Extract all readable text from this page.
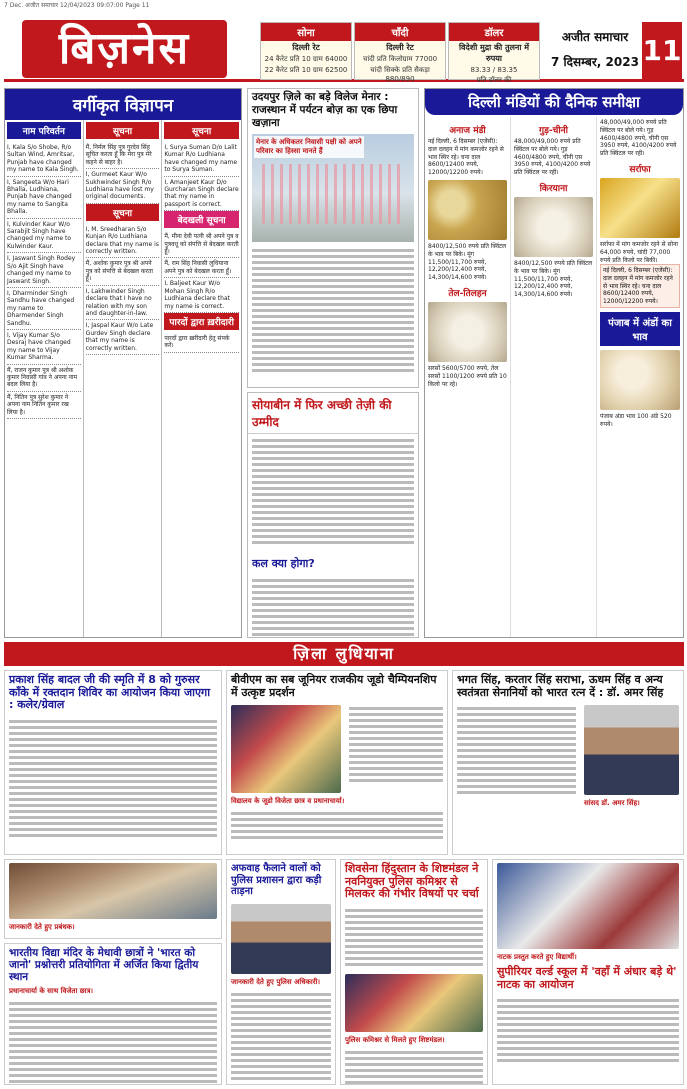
7 Dec. अजीत समाचार 12/04/2023 09:07:00 Page 11
बिज़नेस	सोना
दिल्ली रेट
24 कैरेट प्रति 10 ग्राम 64000
22 कैरेट प्रति 10 ग्राम 62500
चाँदी
दिल्ली रेट
चांदी प्रति किलोग्राम 77000
चांदी सिक्के प्रति सैकड़ा 880/890
डॉलर
विदेशी मुद्रा की तुलना में रुपया
83.33 / 83.35
प्रति डॉलर की
अजीत समाचार
7 दिसम्बर, 2023 11
वर्गीकृत विज्ञापन
नाम परिवर्तन
I, Kala S/o Shobe, R/o Sultan Wind, Amritsar, Punjab have changed my name to Kala Singh.
I, Sangeeta W/o Hari Bhalla, Ludhiana, Punjab have changed my name to Sangita Bhalla.
I, Kulvinder Kaur W/o Sarabjit Singh have changed my name to Kulwinder Kaur.
I, Jaswant Singh Rodey S/o Ajit Singh have changed my name to Jaswant Singh.
I, Dharminder Singh Sandhu have changed my name to Dharmender Singh Sandhu.
I, Vijay Kumar S/o Desraj have changed my name to Vijay Kumar Sharma.
मैं, राजन कुमार पुत्र श्री अशोक कुमार निवासी गांव ने अपना नाम बदल लिया है।
मैं, नितिन पुत्र सुरेश कुमार ने अपना नाम नितिन कुमार रख लिया है।
सूचना
मैं, निर्मल सिंह पुत्र गुरदेव सिंह सूचित करता हूँ कि मेरा पुत्र मेरे कहने से बाहर है।
I, Gurmeet Kaur W/o Sukhwinder Singh R/o Ludhiana have lost my original documents.
सूचना
I, M. Sreedharan S/o Kunjan R/o Ludhiana declare that my name is correctly written.
मैं, अशोक कुमार पुत्र श्री अपने पुत्र को संपत्ति से बेदखल करता हूँ।
I, Lakhwinder Singh declare that I have no relation with my son and daughter-in-law.
I, Jaspal Kaur W/o Late Gurdev Singh declare that my name is correctly written.
सूचना
I, Surya Suman D/o Lalit Kumar R/o Ludhiana have changed my name to Surya Suman.
I, Amanjeet Kaur D/o Gurcharan Singh declare that my name in passport is correct.
बेदखली सूचना
मैं, मीना देवी पत्नी श्री अपने पुत्र व पुत्रवधू को संपत्ति से बेदखल करती हूँ।
मैं, राम सिंह निवासी लुधियाना अपने पुत्र को बेदखल करता हूँ।
I, Baljeet Kaur W/o Mohan Singh R/o Ludhiana declare that my name is correct.
पारदों द्वारा ख़रीदारी
पारदों द्वारा ख़रीदारी हेतु संपर्क करें।
उदयपुर ज़िले का बड़े विलेज मेनार : राजस्थान में पर्यटन बोज़ का एक छिपा खज़ाना
मेनार के अधिकतर निवासी पक्षी को अपने परिवार का हिस्सा मानते हैं
सोयाबीन में फिर अच्छी तेज़ी की उम्मीद
कल क्या होगा?
दिल्ली मंडियों की दैनिक समीक्षा
अनाज मंडी
नई दिल्ली, 6 दिसम्बर (एजेंसी): दाल दलहन में मांग कमजोर रहने से भाव स्थिर रहे। चना दाल 8600/12400 रुपये, 12000/12200 रुपये।
8400/12,500 रुपये प्रति क्विंटल के भाव पर बिके। मूंग 11,500/11,700 रुपये, 12,200/12,400 रुपये, 14,300/14,600 रुपये।
तेल-तिलहन
सरसों 5600/5700 रुपये, तेल सरसों 1100/1200 रुपये प्रति 10 किलो पर रहे।
गुड़-चीनी
48,000/49,000 रुपये प्रति क्विंटल पर बोले गये। गुड़ 4600/4800 रुपये, चीनी एस 3950 रुपये, 4100/4200 रुपये प्रति क्विंटल पर रही।
किरयाना
8400/12,500 रुपये प्रति क्विंटल के भाव पर बिके। मूंग 11,500/11,700 रुपये, 12,200/12,400 रुपये, 14,300/14,600 रुपये।
48,000/49,000 रुपये प्रति क्विंटल पर बोले गये। गुड़ 4600/4800 रुपये, चीनी एस 3950 रुपये, 4100/4200 रुपये प्रति क्विंटल पर रही।
सर्राफा
सर्राफा में मांग कमजोर रहने से सोना 64,000 रुपये, चांदी 77,000 रुपये प्रति किलो पर बिकी।
नई दिल्ली, 6 दिसम्बर (एजेंसी): दाल दलहन में मांग कमजोर रहने से भाव स्थिर रहे। चना दाल 8600/12400 रुपये, 12000/12200 रुपये।
पंजाब में अंडों का भाव
पंजाब अंडा भाव 100 अंडे 520 रुपये।
ज़िला लुधियाना
प्रकाश सिंह बादल जी की स्मृति में 8 को गुरुसर काँके में रक्तदान शिविर का आयोजन किया जाएगा : कलेर/ग्रेवाल
बीवीएम का सब जूनियर राजकीय जूडो चैम्पियनशिप में उत्कृष्ट प्रदर्शन
विद्यालय के जूडो विजेता छात्र व प्रधानाचार्या।
भगत सिंह, करतार सिंह सराभा, ऊधम सिंह व अन्य स्वतंत्रता सेनानियों को भारत रत्न दें : डॉ. अमर सिंह
सांसद डॉ. अमर सिंह।
जानकारी देते हुए प्रबंधक।
अफवाह फैलाने वालों को पुलिस प्रशासन द्वारा कड़ी ताड़ना
जानकारी देते हुए पुलिस अधिकारी।
शिवसेना हिंदुस्तान के शिष्टमंडल ने नवनियुक्त पुलिस कमिश्नर से मिलकर की गंभीर विषयों पर चर्चा
पुलिस कमिश्नर से मिलते हुए शिष्टमंडल।
भारतीय विद्या मंदिर के मेधावी छात्रों ने 'भारत को जानो' प्रश्नोत्तरी प्रतियोगिता में अर्जित किया द्वितीय स्थान
प्रधानाचार्या के साथ विजेता छात्र।
नाटक प्रस्तुत करते हुए विद्यार्थी।
सुपीरियर वर्ल्ड स्कूल में 'वहाँ में अंधार बड़े थे' नाटक का आयोजन
